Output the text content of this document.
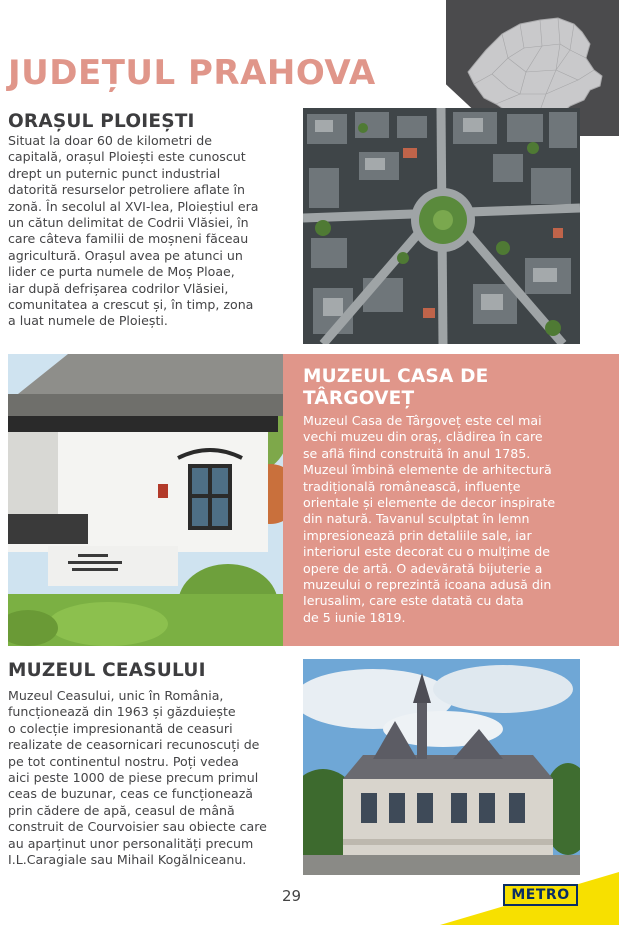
JUDEȚUL PRAHOVA
ORAȘUL PLOIEȘTI
Situat la doar 60 de kilometri de
capitală, orașul Ploiești este cunoscut
drept un puternic punct industrial
datorită resurselor petroliere aflate în
zonă. În secolul al XVI-lea, Ploieștiul era
un cătun delimitat de Codrii Vlăsiei, în
care câteva familii de moșneni făceau
agricultură. Orașul avea pe atunci un
lider ce purta numele de Moș Ploae,
iar după defrișarea codrilor Vlăsiei,
comunitatea a crescut și, în timp, zona
a luat numele de Ploiești.
MUZEUL CASA DE
TÂRGOVEȚ
Muzeul Casa de Târgoveț este cel mai
vechi muzeu din oraș, clădirea în care
se află fiind construită în anul 1785.
Muzeul îmbină elemente de arhitectură
tradițională românească, influențe
orientale și elemente de decor inspirate
din natură. Tavanul sculptat în lemn
impresionează prin detaliile sale, iar
interiorul este decorat cu o mulțime de
opere de artă. O adevărată bijuterie a
muzeului o reprezintă icoana adusă din
Ierusalim, care este datată cu data
de 5 iunie 1819.
MUZEUL CEASULUI
Muzeul Ceasului, unic în România,
funcționează din 1963 și găzduiește
o colecție impresionantă de ceasuri
realizate de ceasornicari recunoscuți de
pe tot continentul nostru. Poți vedea
aici peste 1000 de piese precum primul
ceas de buzunar, ceas ce funcționează
prin cădere de apă, ceasul de mână
construit de Courvoisier sau obiecte care
au aparținut unor personalități precum
I.L.Caragiale sau Mihail Kogălniceanu.
29	METRO
